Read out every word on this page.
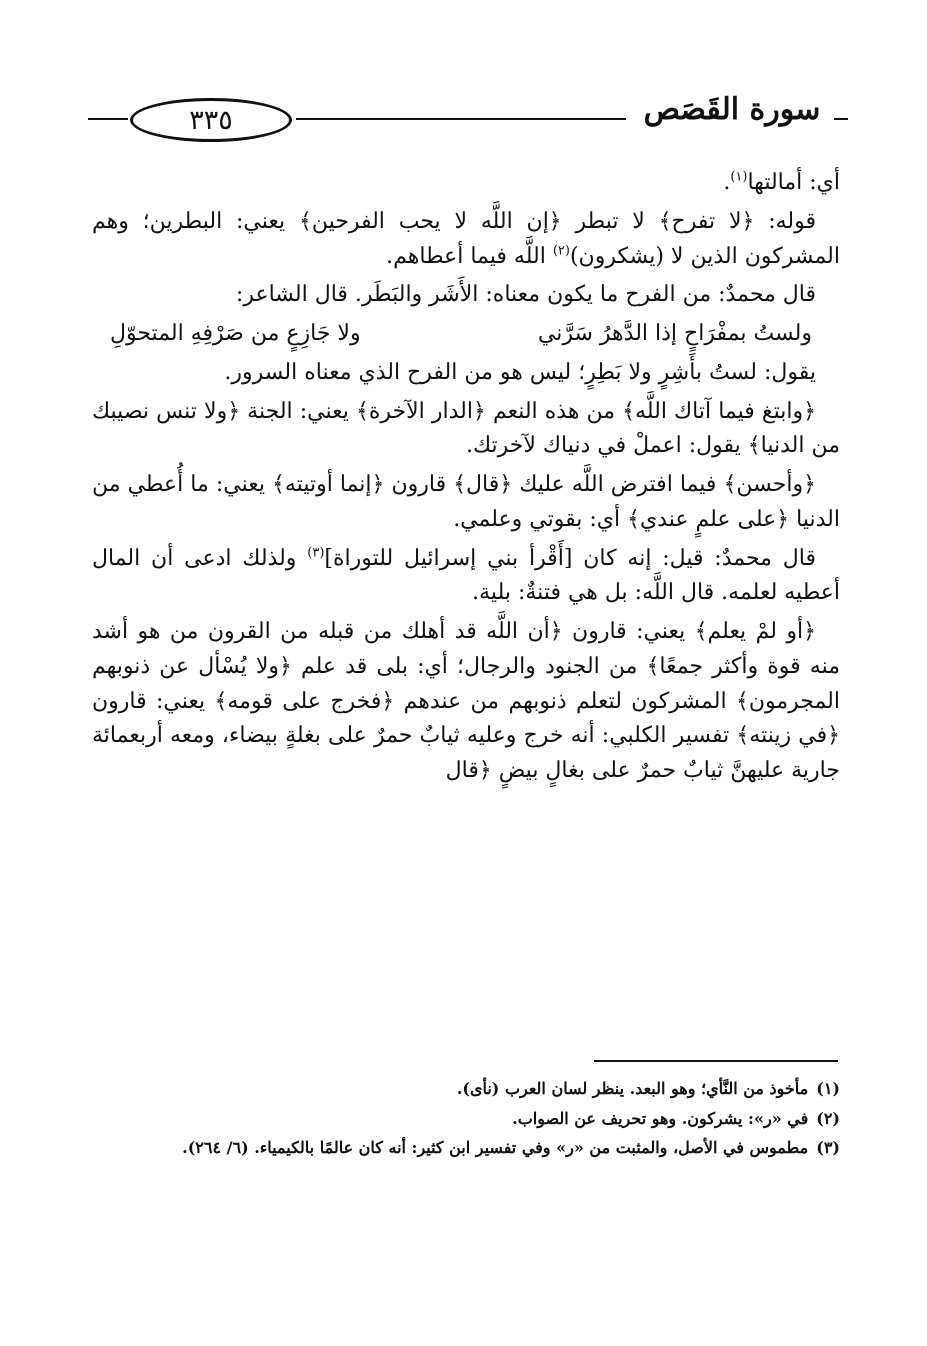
٣٣٥	سورة القَصَص

أي: أمالتها$^{(١)}$.

قوله: ﴿لا تفرح﴾ لا تبطر ﴿إن اللَّه لا يحب الفرحين﴾ يعني: البطرين؛ وهم المشركون الذين لا (يشكرون)$^{(٢)}$ اللَّه فيما أعطاهم.

قال محمدٌ: من الفرح ما يكون معناه: الأَشَر والبَطَر. قال الشاعر:

ولستُ بمفْرَاحٍ إذا الدَّهرُ سَرَّني
ولا جَازِعٍ من صَرْفِهِ المتحوّلِ

يقول: لستُ بأَشِرٍ ولا بَطِرٍ؛ ليس هو من الفرح الذي معناه السرور.

﴿وابتغ فيما آتاك اللَّه﴾ من هذه النعم ﴿الدار الآخرة﴾ يعني: الجنة ﴿ولا تنس نصيبك من الدنيا﴾ يقول: اعملْ في دنياك لآخرتك.

﴿وأحسن﴾ فيما افترض اللَّه عليك ﴿قال﴾ قارون ﴿إنما أوتيته﴾ يعني: ما أُعطي من الدنيا ﴿على علمٍ عندي﴾ أي: بقوتي وعلمي.

قال محمدٌ: قيل: إنه كان [أَقْرأ بني إسرائيل للتوراة]$^{(٣)}$ ولذلك ادعى أن المال أعطيه لعلمه. قال اللَّه: بل هي فتنةٌ: بلية.

﴿أو لمْ يعلم﴾ يعني: قارون ﴿أن اللَّه قد أهلك من قبله من القرون من هو أشد منه قوة وأكثر جمعًا﴾ من الجنود والرجال؛ أي: بلى قد علم ﴿ولا يُسْأل عن ذنوبهم المجرمون﴾ المشركون لتعلم ذنوبهم من عندهم ﴿فخرج على قومه﴾ يعني: قارون ﴿في زينته﴾ تفسير الكلبي: أنه خرج وعليه ثيابٌ حمرٌ على بغلةٍ بيضاء، ومعه أربعمائة جارية عليهنَّ ثيابٌ حمرٌ على بغالٍ بيضٍ ﴿قال

(١)مأخوذ من النَّأي؛ وهو البعد. ينظر لسان العرب (نأى).

(٢)في «ر»: يشركون. وهو تحريف عن الصواب.

(٣)مطموس في الأصل، والمثبت من «ر» وفي تفسير ابن كثير: أنه كان عالمًا بالكيمياء. (٦/ ٢٦٤).
